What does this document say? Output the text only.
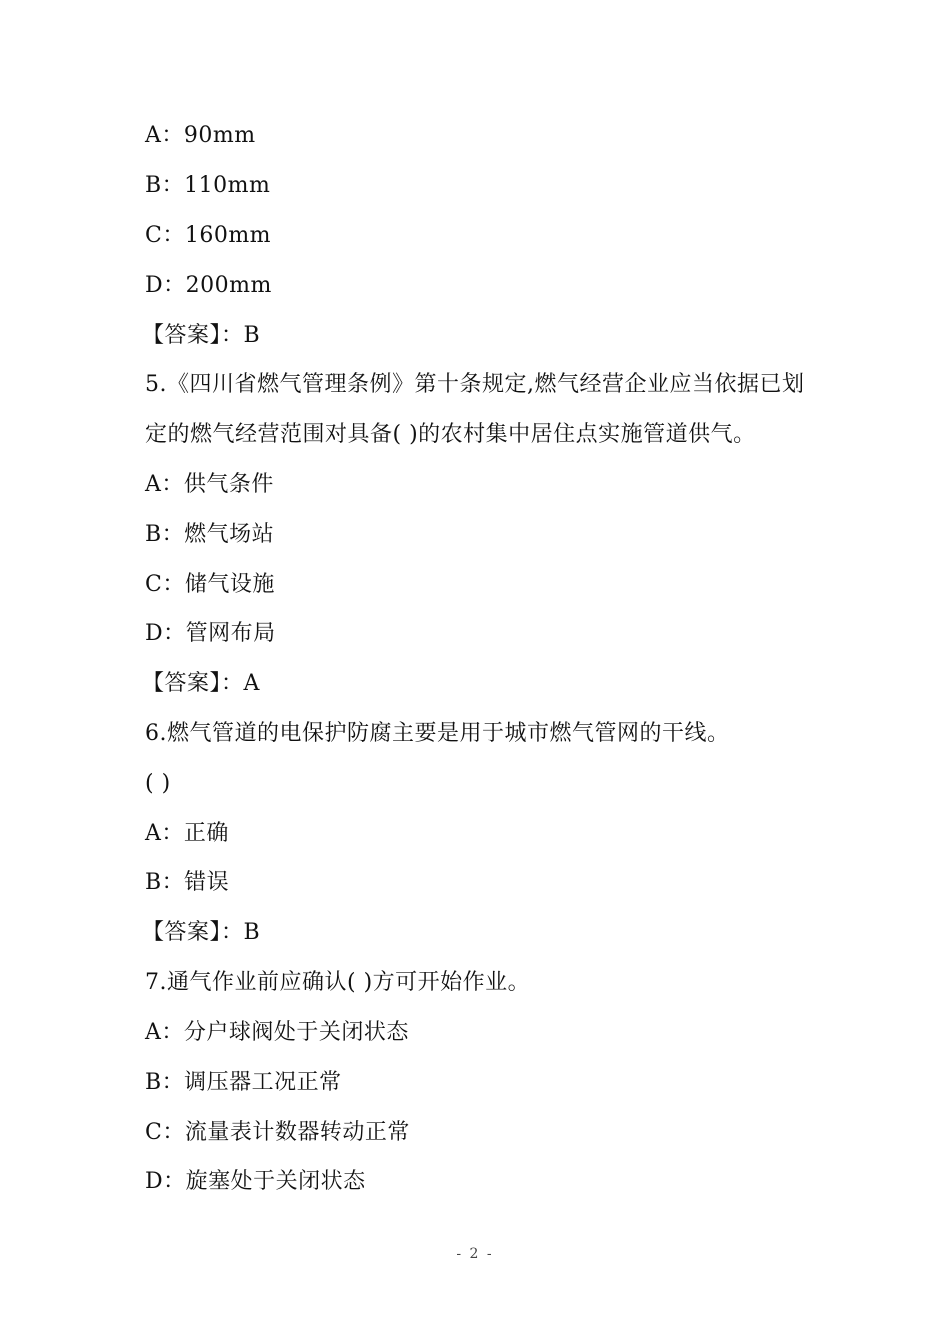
A：90mm
B：110mm
C：160mm
D：200mm
【答案】：B
5.《四川省燃气管理条例》第十条规定,燃气经营企业应当依据已划
定的燃气经营范围对具备( )的农村集中居住点实施管道供气。
A：供气条件
B：燃气场站
C：储气设施
D：管网布局
【答案】：A
6.燃气管道的电保护防腐主要是用于城市燃气管网的干线。
( )
A：正确
B：错误
【答案】：B
7.通气作业前应确认( )方可开始作业。
A：分户球阀处于关闭状态
B：调压器工况正常
C：流量表计数器转动正常
D：旋塞处于关闭状态
- 2 -
